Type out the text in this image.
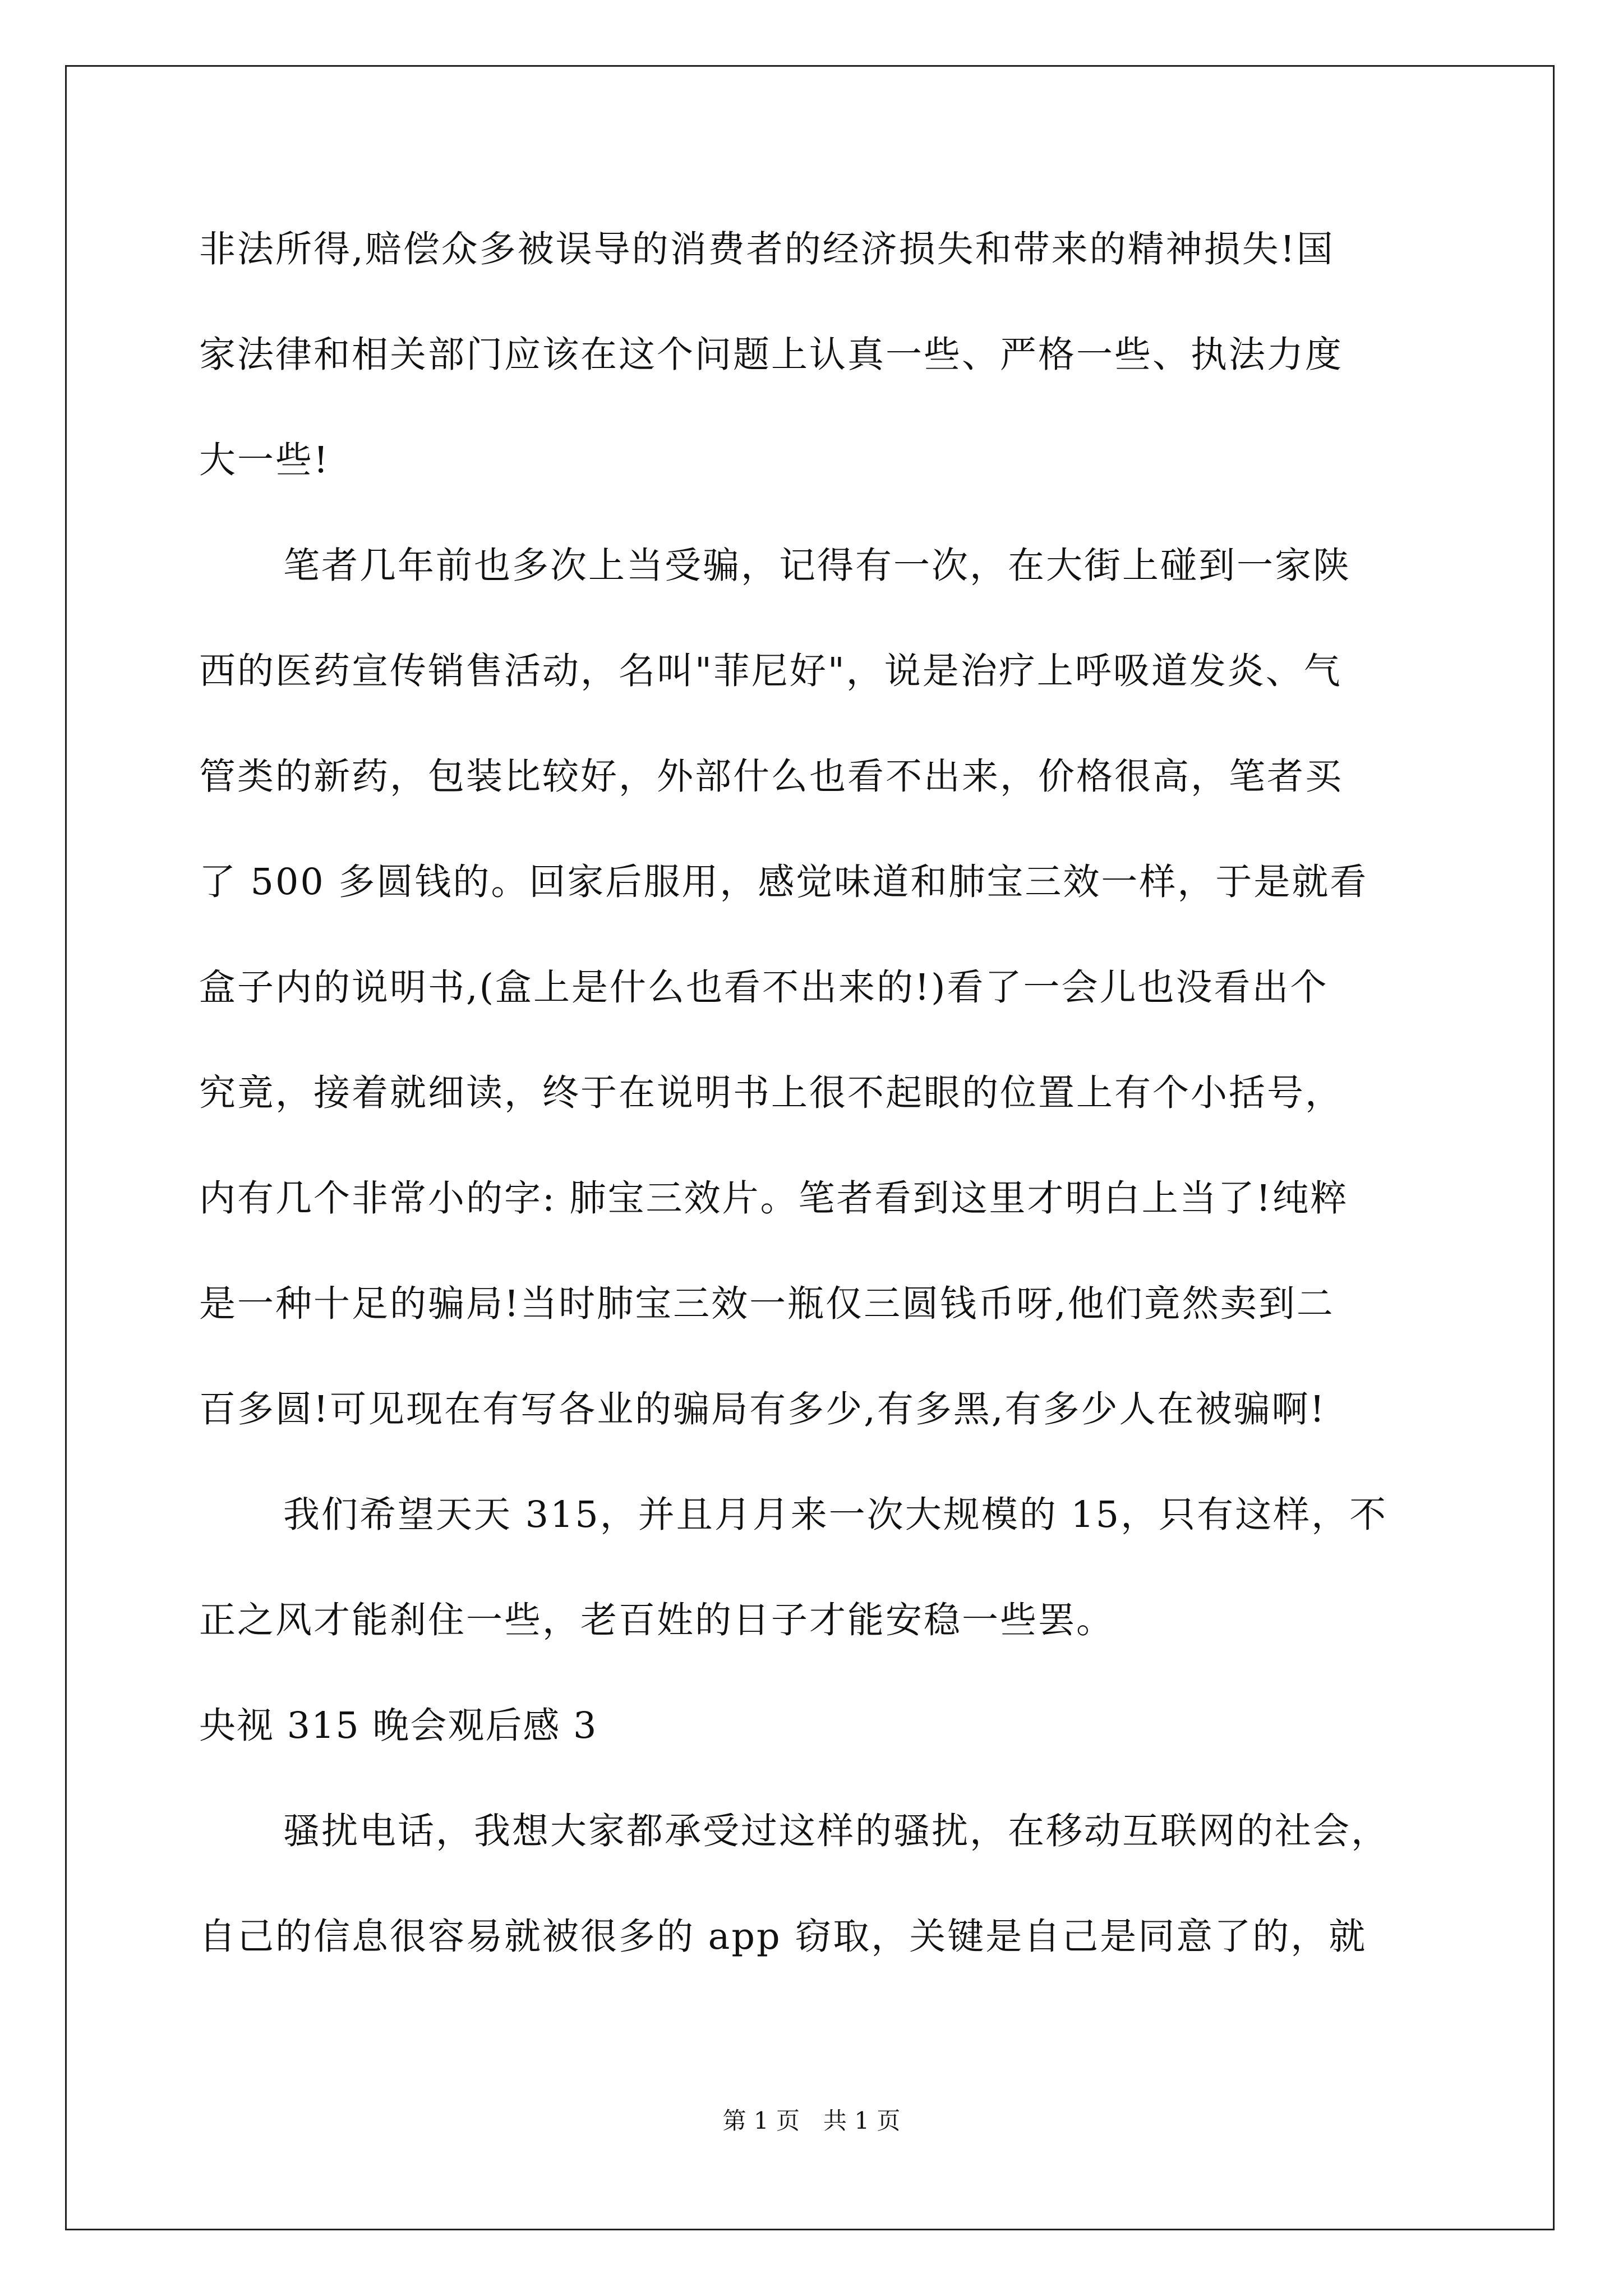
非法所得,赔偿众多被误导的消费者的经济损失和带来的精神损失!国
家法律和相关部门应该在这个问题上认真一些、严格一些、执法力度
大一些!
笔者几年前也多次上当受骗，记得有一次，在大街上碰到一家陕
西的医药宣传销售活动，名叫"菲尼好"，说是治疗上呼吸道发炎、气
管类的新药，包装比较好，外部什么也看不出来，价格很高，笔者买
了 500 多圆钱的。回家后服用，感觉味道和肺宝三效一样，于是就看
盒子内的说明书,(盒上是什么也看不出来的!)看了一会儿也没看出个
究竟，接着就细读，终于在说明书上很不起眼的位置上有个小括号，
内有几个非常小的字: 肺宝三效片。笔者看到这里才明白上当了!纯粹
是一种十足的骗局!当时肺宝三效一瓶仅三圆钱币呀,他们竟然卖到二
百多圆!可见现在有写各业的骗局有多少,有多黑,有多少人在被骗啊!
我们希望天天 315，并且月月来一次大规模的 15，只有这样，不
正之风才能刹住一些，老百姓的日子才能安稳一些罢。
央视 315 晚会观后感 3
骚扰电话，我想大家都承受过这样的骚扰，在移动互联网的社会，
自己的信息很容易就被很多的 app 窃取，关键是自己是同意了的，就
第 1 页　共 1 页
